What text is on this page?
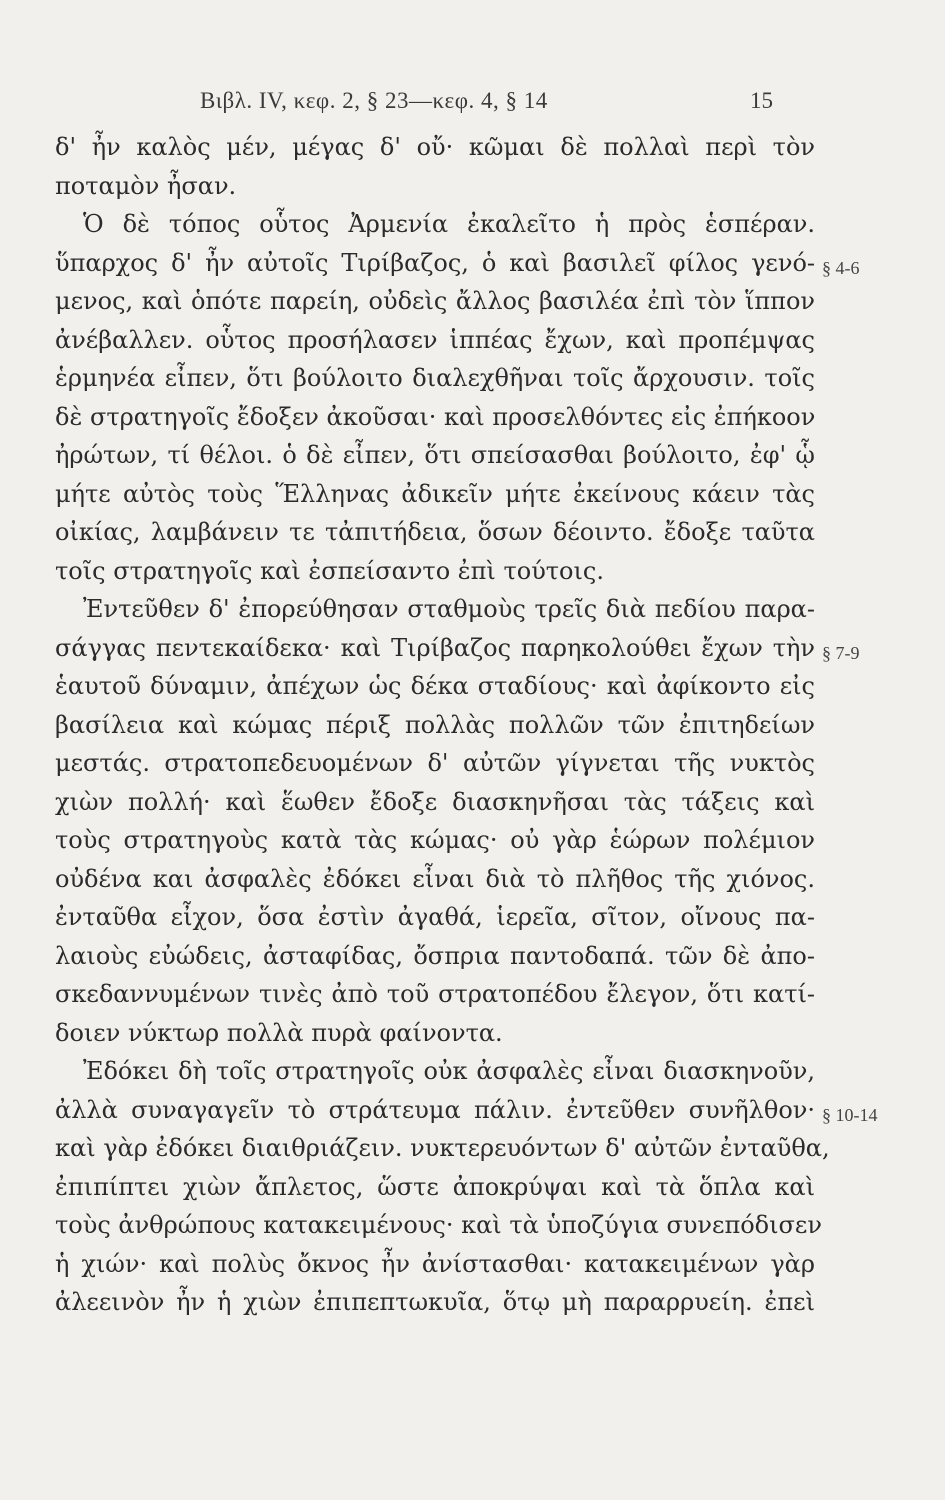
Βιβλ. IV, κεφ. 2, § 23—κεφ. 4, § 14	15
§ 4-6
§ 7-9
§ 10-14
δ' ἦν καλὸς μέν, μέγας δ' οὔ· κῶμαι δὲ πολλαὶ περὶ τὸν
ποταμὸν ἦσαν.
Ὁ δὲ τόπος οὗτος Ἀρμενία ἐκαλεῖτο ἡ πρὸς ἑσπέραν.
ὕπαρχος δ' ἦν αὐτοῖς Τιρίβαζος, ὁ καὶ βασιλεῖ φίλος γενό-
μενος, καὶ ὁπότε παρείη, οὐδεὶς ἄλλος βασιλέα ἐπὶ τὸν ἵππον
ἀνέβαλλεν. οὗτος προσήλασεν ἱππέας ἔχων, καὶ προπέμψας
ἑρμηνέα εἶπεν, ὅτι βούλοιτο διαλεχθῆναι τοῖς ἄρχουσιν. τοῖς
δὲ στρατηγοῖς ἔδοξεν ἀκοῦσαι· καὶ προσελθόντες εἰς ἐπήκοον
ἠρώτων, τί θέλοι. ὁ δὲ εἶπεν, ὅτι σπείσασθαι βούλοιτο, ἐφ' ᾧ
μήτε αὐτὸς τοὺς Ἕλληνας ἀδικεῖν μήτε ἐκείνους κάειν τὰς
οἰκίας, λαμβάνειν τε τἀπιτήδεια, ὅσων δέοιντο. ἔδοξε ταῦτα
τοῖς στρατηγοῖς καὶ ἐσπείσαντο ἐπὶ τούτοις.
Ἐντεῦθεν δ' ἐπορεύθησαν σταθμοὺς τρεῖς διὰ πεδίου παρα-
σάγγας πεντεκαίδεκα· καὶ Τιρίβαζος παρηκολούθει ἔχων τὴν
ἑαυτοῦ δύναμιν, ἀπέχων ὡς δέκα σταδίους· καὶ ἀφίκοντο εἰς
βασίλεια καὶ κώμας πέριξ πολλὰς πολλῶν τῶν ἐπιτηδείων
μεστάς. στρατοπεδευομένων δ' αὐτῶν γίγνεται τῆς νυκτὸς
χιὼν πολλή· καὶ ἕωθεν ἔδοξε διασκηνῆσαι τὰς τάξεις καὶ
τοὺς στρατηγοὺς κατὰ τὰς κώμας· οὐ γὰρ ἑώρων πολέμιον
οὐδένα και ἀσφαλὲς ἐδόκει εἶναι διὰ τὸ πλῆθος τῆς χιόνος.
ἐνταῦθα εἶχον, ὅσα ἐστὶν ἀγαθά, ἱερεῖα, σῖτον, οἴνους πα-
λαιοὺς εὐώδεις, ἀσταφίδας, ὄσπρια παντοδαπά. τῶν δὲ ἀπο-
σκεδαννυμένων τινὲς ἀπὸ τοῦ στρατοπέδου ἔλεγον, ὅτι κατί-
δοιεν νύκτωρ πολλὰ πυρὰ φαίνοντα.
Ἐδόκει δὴ τοῖς στρατηγοῖς οὐκ ἀσφαλὲς εἶναι διασκηνοῦν,
ἀλλὰ συναγαγεῖν τὸ στράτευμα πάλιν. ἐντεῦθεν συνῆλθον·
καὶ γὰρ ἐδόκει διαιθριάζειν. νυκτερευόντων δ' αὐτῶν ἐνταῦθα,
ἐπιπίπτει χιὼν ἄπλετος, ὥστε ἀποκρύψαι καὶ τὰ ὅπλα καὶ
τοὺς ἀνθρώπους κατακειμένους· καὶ τὰ ὑποζύγια συνεπόδισεν
ἡ χιών· καὶ πολὺς ὄκνος ἦν ἀνίστασθαι· κατακειμένων γὰρ
ἀλεεινὸν ἦν ἡ χιὼν ἐπιπεπτωκυῖα, ὅτῳ μὴ παραρρυείη. ἐπεὶ
